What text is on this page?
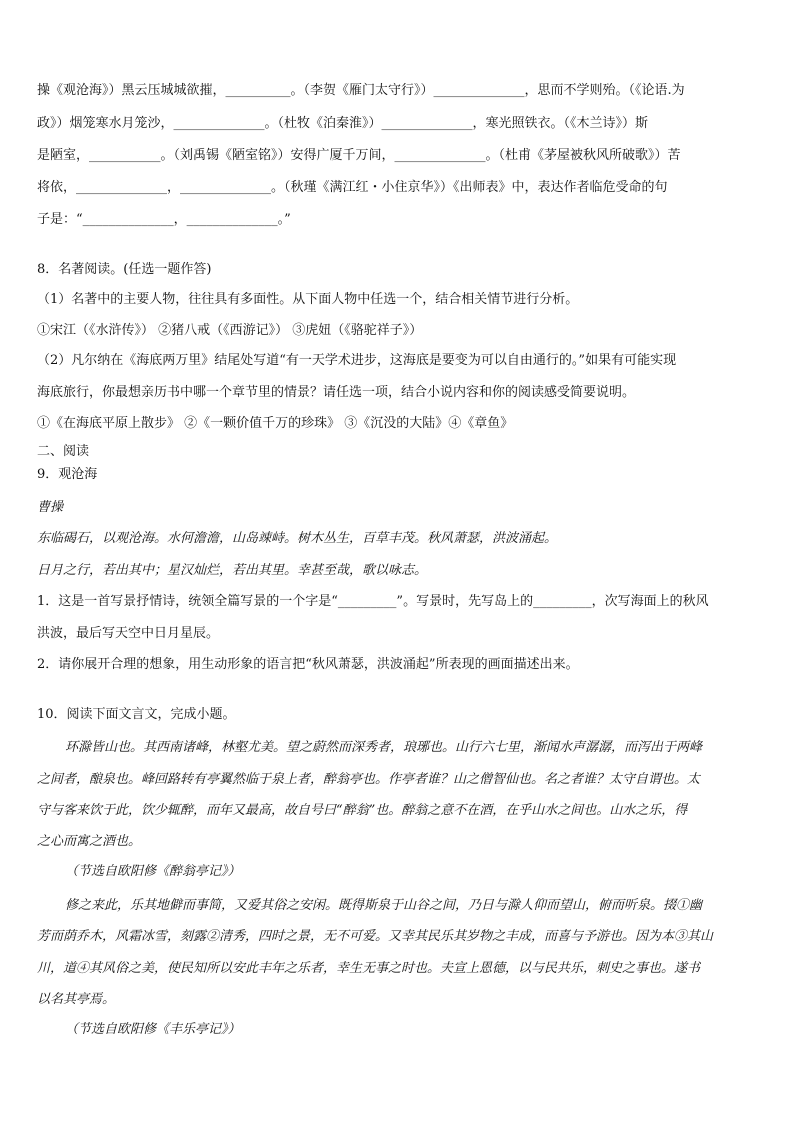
操《观沧海》）黑云压城城欲摧，__________。（李贺《雁门太守行》）______________，思而不学则殆。（《论语.为
政》）烟笼寒水月笼沙，______________。（杜牧《泊秦淮》）______________，寒光照铁衣。（《木兰诗》）斯
是陋室，___________。（刘禹锡《陋室铭》）安得广厦千万间，______________。（杜甫《茅屋被秋风所破歌》）苦
将依，______________，______________。（秋瑾《满江红・小住京华》）《出师表》中，表达作者临危受命的句
子是：“______________，______________。”
8．名著阅读。(任选一题作答)
（1）名著中的主要人物，往往具有多面性。从下面人物中任选一个，结合相关情节进行分析。
①宋江（《水浒传》） ②猪八戒（《西游记》） ③虎妞（《骆驼祥子》）
（2）凡尔纳在《海底两万里》结尾处写道“有一天学术进步，这海底是要变为可以自由通行的。”如果有可能实现
海底旅行，你最想亲历书中哪一个章节里的情景？请任选一项，结合小说内容和你的阅读感受简要说明。
①《在海底平原上散步》 ②《一颗价值千万的珍珠》 ③《沉没的大陆》④《章鱼》
二、阅读
9．观沧海
曹操
东临碣石，以观沧海。水何澹澹，山岛竦峙。树木丛生，百草丰茂。秋风萧瑟，洪波涌起。
日月之行，若出其中；星汉灿烂，若出其里。幸甚至哉，歌以咏志。
1．这是一首写景抒情诗，统领全篇写景的一个字是“_________”。写景时，先写岛上的_________，次写海面上的秋风
洪波，最后写天空中日月星辰。
2．请你展开合理的想象，用生动形象的语言把“秋风萧瑟，洪波涌起”所表现的画面描述出来。
10．阅读下面文言文，完成小题。
环滁皆山也。其西南诸峰，林壑尤美。望之蔚然而深秀者，琅琊也。山行六七里，渐闻水声潺潺，而泻出于两峰
之间者，酿泉也。峰回路转有亭翼然临于泉上者，醉翁亭也。作亭者谁？山之僧智仙也。名之者谁？太守自谓也。太
守与客来饮于此，饮少辄醉，而年又最高，故自号曰“醉翁”也。醉翁之意不在酒，在乎山水之间也。山水之乐，得
之心而寓之酒也。
（节选自欧阳修《醉翁亭记》）
修之来此，乐其地僻而事简，又爱其俗之安闲。既得斯泉于山谷之间，乃日与滁人仰而望山，俯而听泉。掇①幽
芳而荫乔木，风霜冰雪，刻露②清秀，四时之景，无不可爱。又幸其民乐其岁物之丰成，而喜与予游也。因为本③其山
川，道④其风俗之美，使民知所以安此丰年之乐者，幸生无事之时也。夫宣上恩德，以与民共乐，刺史之事也。遂书
以名其亭焉。
（节选自欧阳修《丰乐亭记》）
